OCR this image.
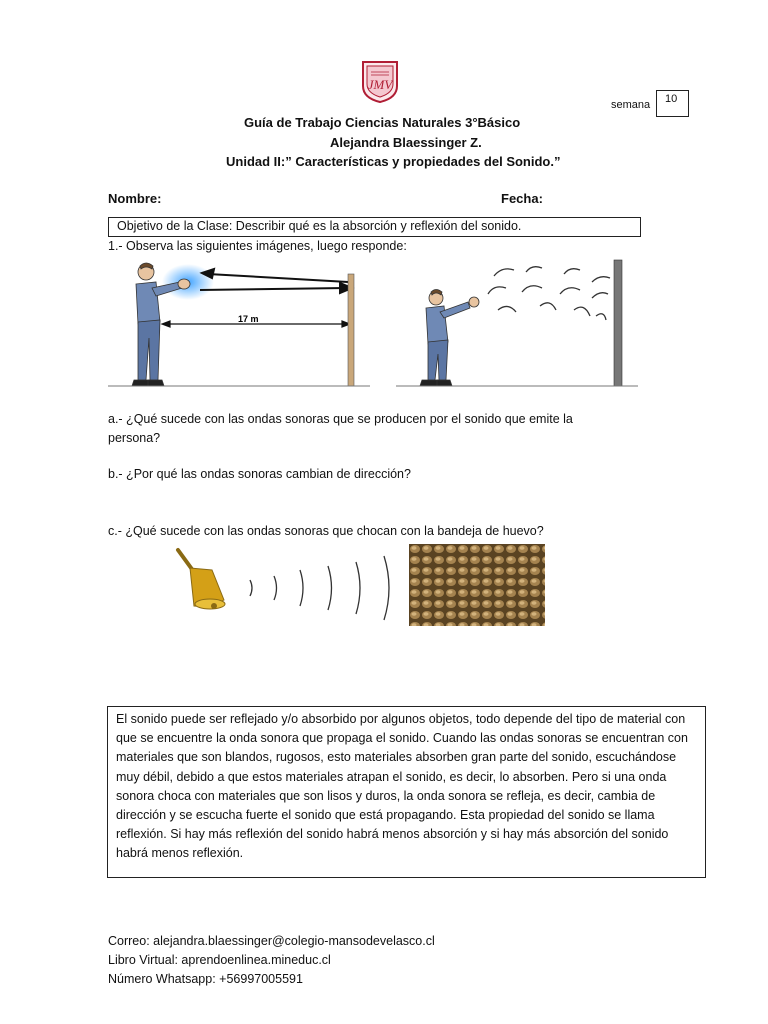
JMV
semana	10
Guía de Trabajo Ciencias Naturales 3°Básico
Alejandra Blaessinger Z.
Unidad II:” Características y propiedades del Sonido.”
Nombre:	Fecha:
Objetivo de la Clase: Describir qué es la absorción y reflexión del sonido.
1.- Observa las siguientes imágenes, luego responde:
17 m
a.- ¿Qué sucede con las ondas sonoras que se producen por el sonido que emite la persona?
b.- ¿Por qué las ondas sonoras cambian de dirección?
c.- ¿Qué sucede con las ondas sonoras que chocan con la bandeja de huevo?
El sonido puede ser reflejado y/o absorbido por algunos objetos, todo depende del tipo de material con que se encuentre la onda sonora que propaga el sonido. Cuando las ondas sonoras se encuentran con materiales que son blandos, rugosos, esto materiales absorben gran parte del sonido, escuchándose muy débil, debido a que estos materiales atrapan el sonido, es decir, lo absorben. Pero si una onda sonora choca con materiales que son lisos y duros, la onda sonora se refleja, es decir, cambia de dirección y se escucha fuerte el sonido que está propagando. Esta propiedad del sonido se llama reflexión. Si hay más reflexión del sonido habrá menos absorción y si hay más absorción del sonido habrá menos reflexión.
Correo: alejandra.blaessinger@colegio-mansodevelasco.cl
Libro Virtual: aprendoenlinea.mineduc.cl
Número Whatsapp: +56997005591
